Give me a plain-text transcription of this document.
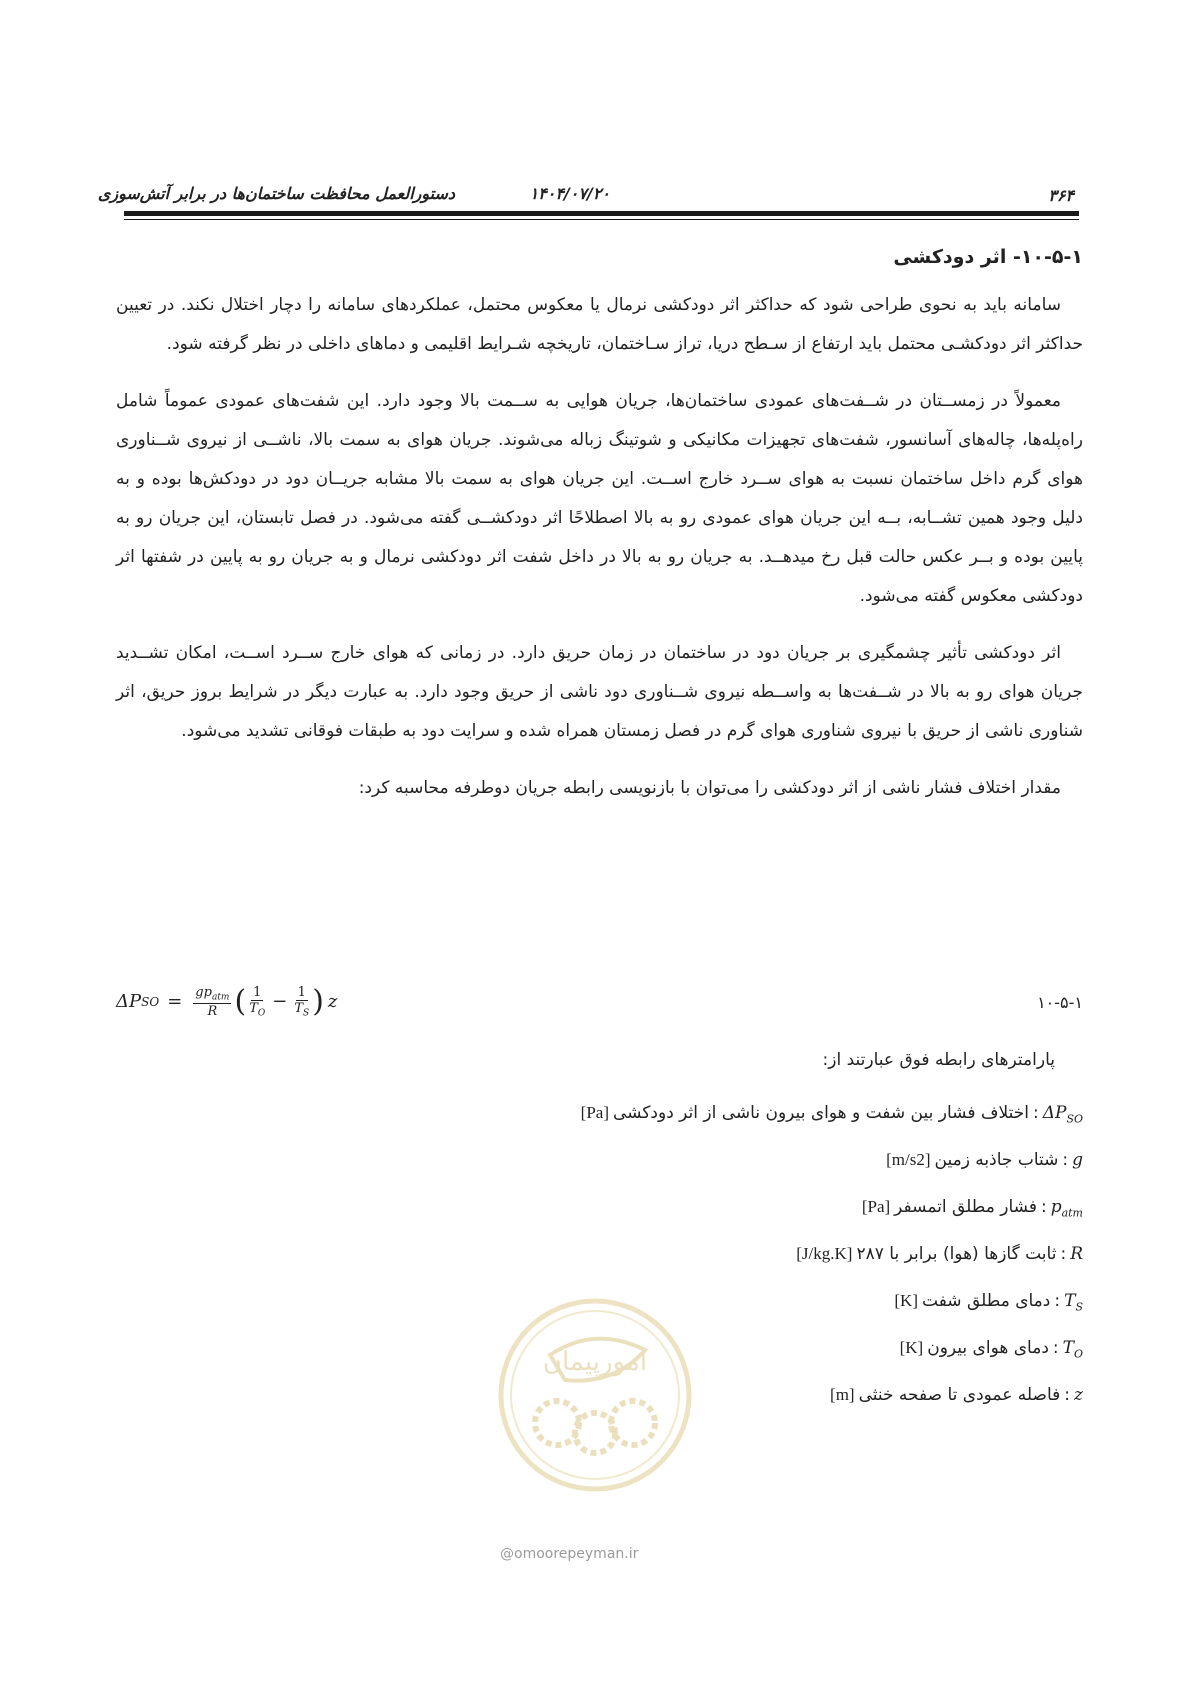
۳۶۴
۱۴۰۴/۰۷/۲۰
دستورالعمل محافظت ساختمان‌ها در برابر آتش‌سوزی
۱۰-۵-۱- اثر دودکشی

سامانه باید به نحوی طراحی شود که حداکثر اثر دودکشی نرمال یا معکوس محتمل، عملکردهای سامانه را دچار اختلال نکند. در تعیین حداکثر اثر دودکشـی محتمل باید ارتفاع از سـطح دریا، تراز سـاختمان، تاریخچه شـرایط اقلیمی و دماهای داخلی در نظر گرفته شود.

معمولاً در زمســتان در شــفت‌های عمودی ساختمان‌ها، جریان هوایی به ســمت بالا وجود دارد. این شفت‌های عمودی عموماً شامل راه‌پله‌ها، چاله‌های آسانسور، شفت‌های تجهیزات مکانیکی و شوتینگ زباله می‌شوند. جریان هوای به سمت بالا، ناشــی از نیروی شــناوری هوای گرم داخل ساختمان نسبت به هوای ســرد خارج اســت. این جریان هوای به سمت بالا مشابه جریــان دود در دودکش‌ها بوده و به دلیل وجود همین تشــابه، بــه این جریان هوای عمودی رو به بالا اصطلاحًا اثر دودکشــی گفته می‌شود. در فصل تابستان، این جریان رو به پایین بوده و بــر عکس حالت قبل رخ میدهــد. به جریان رو به بالا در داخل شفت اثر دودکشی نرمال و به جریان رو به پایین در شفتها اثر دودکشی معکوس گفته می‌شود.

اثر دودکشی تأثیر چشمگیری بر جریان دود در ساختمان در زمان حریق دارد. در زمانی که هوای خارج ســرد اســت، امکان تشــدید جریان هوای رو به بالا در شــفت‌ها به واســطه نیروی شــناوری دود ناشی از حریق وجود دارد. به عبارت دیگر در شرایط بروز حریق، اثر شناوری ناشی از حریق با نیروی شناوری هوای گرم در فصل زمستان همراه شده و سرایت دود به طبقات فوقانی تشدید می‌شود.

مقدار اختلاف فشار ناشی از اثر دودکشی را می‌توان با بازنویسی رابطه جریان دوطرفه محاسبه کرد:

ΔP SO = $\frac{gp_{atm}}{R}$ ( $\frac{1}{T_O} - \frac{1}{T_S}$ ) z	۱۰-۵-۱
پارامترهای رابطه فوق عبارتند از:
$\Delta P_{SO}$
:
اختلاف فشار بین شفت و هوای بیرون ناشی از اثر دودکشی
[Pa]
g
:
شتاب جاذبه زمین
[m/s2]
$p_{atm}$
:
فشار مطلق اتمسفر
[Pa]
R
:
ثابت گازها (هوا) برابر با ۲۸۷
[J/kg.K]
$T_S$
:
دمای مطلق شفت
[K]
$T_O$
:
دمای هوای بیرون
[K]
z
:
فاصله عمودی تا صفحه خنثی
[m]
امورپیمان
@omoorepeyman.ir
